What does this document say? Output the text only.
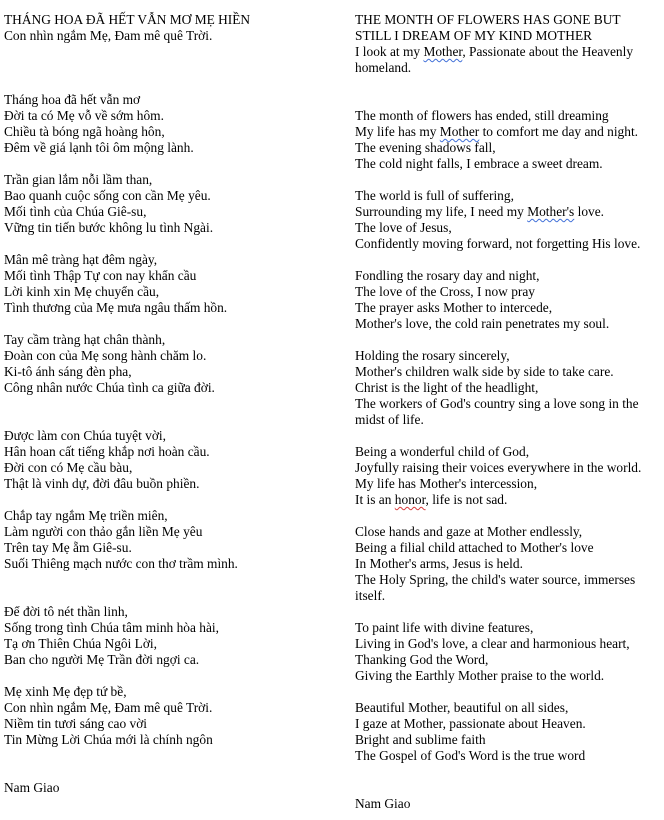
THÁNG HOA ĐÃ HẾT VẪN MƠ MẸ HIỀN
Con nhìn ngắm Mẹ, Đam mê quê Trời.
Tháng hoa đã hết vẫn mơ
Đời ta có Mẹ vỗ về sớm hôm.
Chiều tà bóng ngã hoàng hôn,
Đêm về giá lạnh tôi ôm mộng lành.
Trần gian lắm nỗi lầm than,
Bao quanh cuộc sống con cần Mẹ yêu.
Mối tình của Chúa Giê-su,
Vững tin tiến bước không lu tình Ngài.
Mân mê tràng hạt đêm ngày,
Mối tình Thập Tự con nay khẩn cầu
Lời kinh xin Mẹ chuyển cầu,
Tình thương của Mẹ mưa ngâu thấm hồn.
Tay cầm tràng hạt chân thành,
Đoàn con của Mẹ song hành chăm lo.
Ki-tô ánh sáng đèn pha,
Công nhân nước Chúa tình ca giữa đời.
Được làm con Chúa tuyệt vời,
Hân hoan cất tiếng khắp nơi hoàn cầu.
Đời con có Mẹ cầu bàu,
Thật là vinh dự, đời đâu buồn phiền.
Chắp tay ngắm Mẹ triền miên,
Làm người con thảo gắn liền Mẹ yêu
Trên tay Mẹ ẵm Giê-su.
Suối Thiêng mạch nước con thơ trầm mình.
Để đời tô nét thần linh,
Sống trong tình Chúa tâm minh hòa hài,
Tạ ơn Thiên Chúa Ngôi Lời,
Ban cho người Mẹ Trần đời ngợi ca.
Mẹ xinh Mẹ đẹp tứ bề,
Con nhìn ngắm Mẹ, Đam mê quê Trời.
Niềm tin tươi sáng cao vời
Tin Mừng Lời Chúa mới là chính ngôn
Nam Giao
THE MONTH OF FLOWERS HAS GONE BUT
STILL I DREAM OF MY KIND MOTHER
I look at my Mother, Passionate about the Heavenly homeland.
The month of flowers has ended, still dreaming
My life has my Mother to comfort me day and night.
The evening shadows fall,
The cold night falls, I embrace a sweet dream.
The world is full of suffering,
Surrounding my life, I need my Mother's love.
The love of Jesus,
Confidently moving forward, not forgetting His love.
Fondling the rosary day and night,
The love of the Cross, I now pray
The prayer asks Mother to intercede,
Mother's love, the cold rain penetrates my soul.
Holding the rosary sincerely,
Mother's children walk side by side to take care.
Christ is the light of the headlight,
The workers of God's country sing a love song in the midst of life.
Being a wonderful child of God,
Joyfully raising their voices everywhere in the world.
My life has Mother's intercession,
It is an honor, life is not sad.
Close hands and gaze at Mother endlessly,
Being a filial child attached to Mother's love
In Mother's arms, Jesus is held.
The Holy Spring, the child's water source, immerses itself.
To paint life with divine features,
Living in God's love, a clear and harmonious heart,
Thanking God the Word,
Giving the Earthly Mother praise to the world.
Beautiful Mother, beautiful on all sides,
I gaze at Mother, passionate about Heaven.
Bright and sublime faith
The Gospel of God's Word is the true word
Nam Giao
